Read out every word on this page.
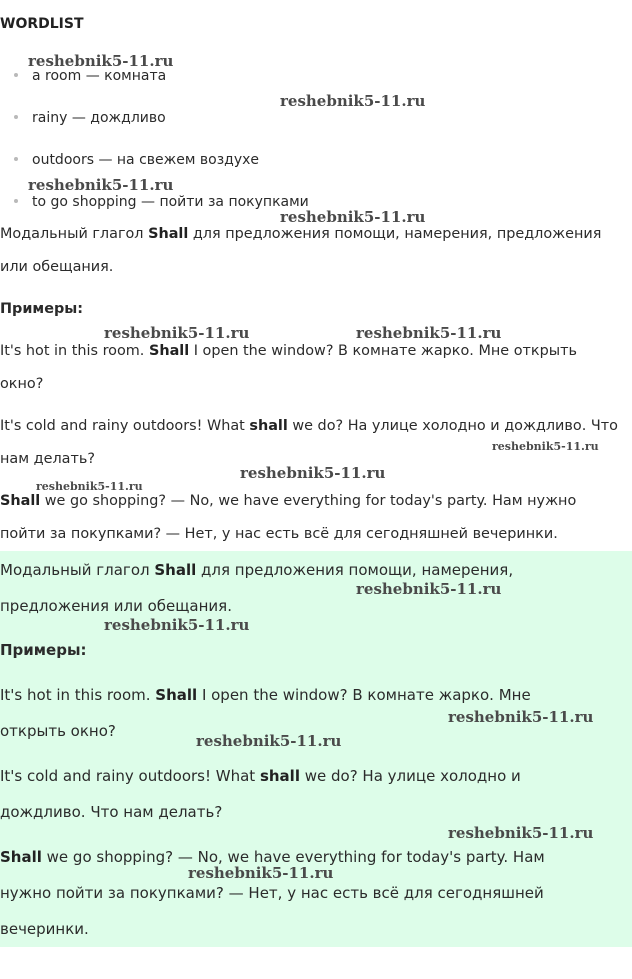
WORDLIST
a room — комната
rainy — дождливо
outdoors — на свежем воздухе
to go shopping — пойти за покупками
Модальный глагол Shall для предложения помощи, намерения, предложения
или обещания.
Примеры:
It's hot in this room. Shall I open the window? В комнате жарко. Мне открыть
окно?
It's cold and rainy outdoors! What shall we do? На улице холодно и дождливо. Что
нам делать?
Shall we go shopping? — No, we have everything for today's party. Нам нужно
пойти за покупками? — Нет, у нас есть всё для сегодняшней вечеринки.
Модальный глагол Shall для предложения помощи, намерения,
предложения или обещания.
Примеры:
It's hot in this room. Shall I open the window? В комнате жарко. Мне
открыть окно?
It's cold and rainy outdoors! What shall we do? На улице холодно и
дождливо. Что нам делать?
Shall we go shopping? — No, we have everything for today's party. Нам
нужно пойти за покупками? — Нет, у нас есть всё для сегодняшней
вечеринки.
reshebnik5-11.ru
reshebnik5-11.ru
reshebnik5-11.ru
reshebnik5-11.ru
reshebnik5-11.ru	reshebnik5-11.ru
reshebnik5-11.ru
reshebnik5-11.ru
reshebnik5-11.ru
reshebnik5-11.ru
reshebnik5-11.ru
reshebnik5-11.ru
reshebnik5-11.ru
reshebnik5-11.ru
reshebnik5-11.ru
